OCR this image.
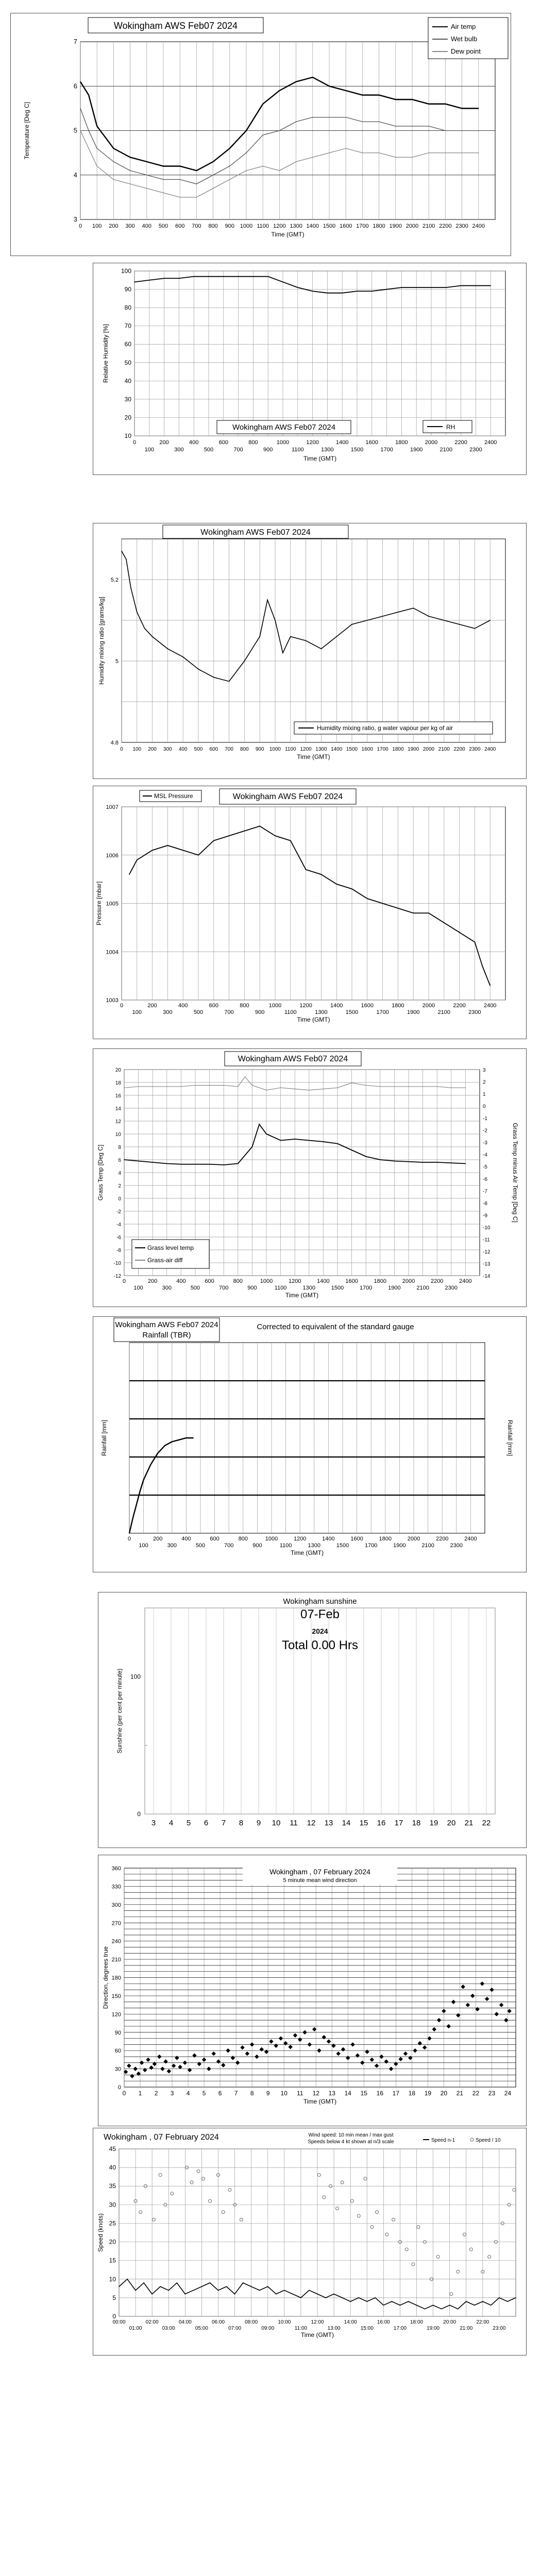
3
4
5
6
7
0 100 200 300 400 500 600 700 800 900 1000 1100 1200 1300 1400 1500 1600 1700 1800 1900 2000 2100 2200 2300 2400
Time (GMT)
Temperature [Deg C]
Wokingham AWS Feb07 2024	Air temp
Wet bulb
Dew point
10
20
30
40
50
60
70
80
90
100
0	200	400	600	800	1000	1200	1400	1600	1800	2000	2200	2400
100	300	500	700	900	1100	1300	1500	1700	1900	2100	2300
Time (GMT)
Relative Humidity [%]
Wokingham AWS Feb07 2024	RH
4.8
5
5.2
0 100 200 300 400 500 600 700 800 900 1000 1100 1200 1300 1400 1500 1600 1700 1800 1900 2000 2100 2200 2300 2400
Time (GMT)
Humidity mixing ratio [grams/kg]
Wokingham AWS Feb07 2024
Humidity mixing ratio, g water vapour per kg of air
1003
1004
1005
1006
1007
0	200	400	600	800	1000	1200	1400	1600	1800	2000	2200	2400
100	300	500	700	900	1100	1300	1500	1700	1900	2100	2300
Time (GMT)
Pressure [mbar]
Wokingham AWS Feb07 2024
MSL Pressure
-12
-10
-8
-6
-4
-2
0
2
4
6
8
10
12
14
16
18
20
-14
-13
-12
-11
-10
-9
-8
-7
-6
-5
-4
-3
-2
-1
0
1
2
3
0	200	400	600	800	1000	1200	1400	1600	1800	2000	2200	2400
100	300	500	700	900	1100	1300	1500	1700	1900	2100	2300
Time (GMT)
Grass Temp [Deg C]	Grass Temp minus Air Temp [Deg C]
Wokingham AWS Feb07 2024
Grass level temp
Grass-air diff
0	200	400	600	800	1000	1200	1400	1600	1800	2000	2200	2400
100	300	500	700	900	1100	1300	1500	1700	1900	2100	2300
Time (GMT)
Rainfall [mm]	Rainfall [mm]
Wokingham AWS Feb07 2024
Rainfall (TBR)
Corrected to equivalent of the standard gauge
3 4 5 6 7 8 9 10 11 12 13 14 15 16 17 18 19 20 21 22
0
100
Sunshine (per cent per minute)
Wokingham sunshine
07-Feb
2024
Total 0.00 Hrs
0
30
60
90
120
150
180
210
240
270
300
330
360
0 1 2 3 4 5 6 7 8 9 10 11 12 13 14 15 16 17 18 19 20 21 22 23 24
Time (GMT)
Direction, degrees true
Wokingham , 07 February 2024
5 minute mean wind direction
0
5
10
15
20
25
30
35
40
45
00:00	02:00	04:00	06:00	08:00	10:00	12:00	14:00	16:00	18:00	20:00	22:00
01:00	03:00	05:00	07:00	09:00	11:00	13:00	15:00	17:00	19:00	21:00	23:00
Time (GMT)
Speed (knots)
Wokingham , 07 February 2024	Wind speed: 10 min mean / max gust
Speeds below 4 kt shown at n/3 scale	Speed n-1	Speed / 10
